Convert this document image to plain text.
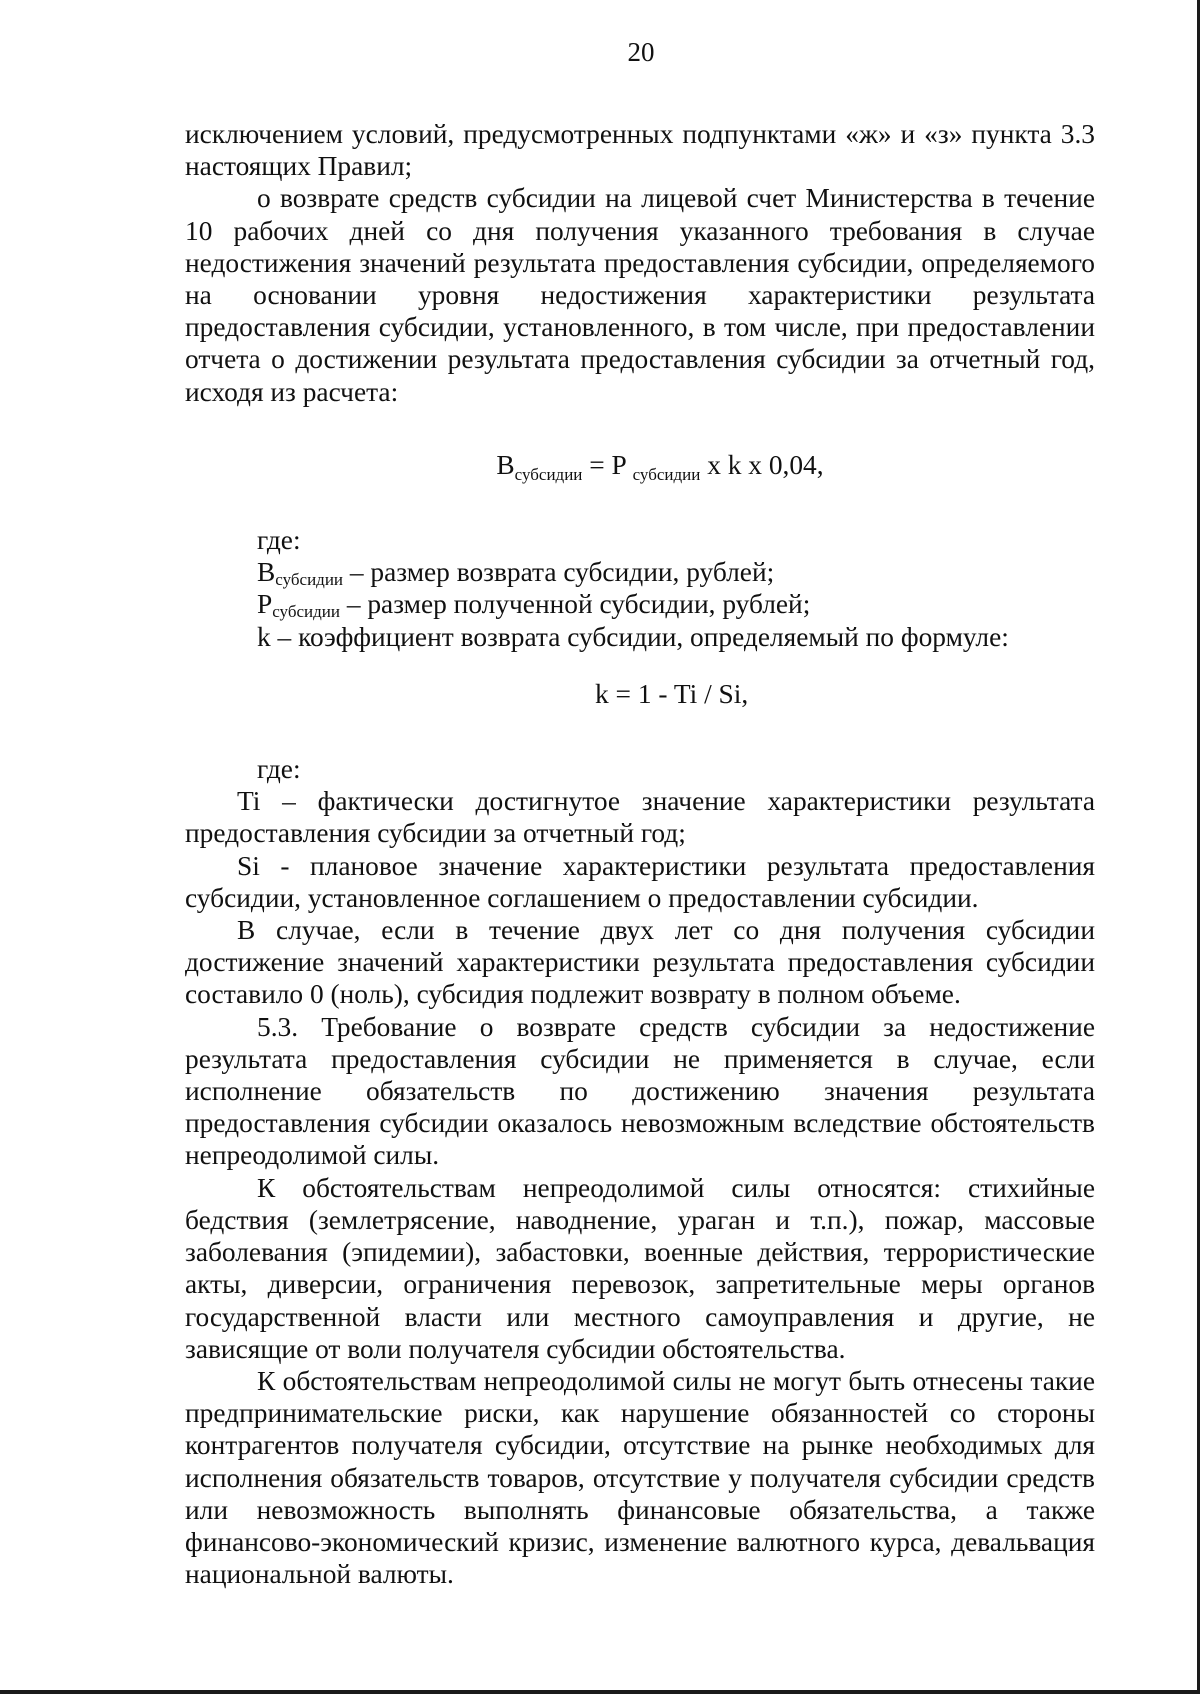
20

исключением условий, предусмотренных подпунктами «ж» и «з» пункта 3.3 настоящих Правил;

о возврате средств субсидии на лицевой счет Министерства в течение 10 рабочих дней со дня получения указанного требования в случае недостижения значений результата предоставления субсидии, определяемого на основании уровня недостижения характеристики результата предоставления субсидии, установленного, в том числе, при предоставлении отчета о достижении результата предоставления субсидии за отчетный год, исходя из расчета:

$B_{субсидии} = P$ $_{субсидии}$ x k x 0,04,

где:

$B_{субсидии}$ – размер возврата субсидии, рублей;

$P_{субсидии}$ – размер полученной субсидии, рублей;

k – коэффициент возврата субсидии, определяемый по формуле:

k = 1 - Ti / Si,

где:

Ti – фактически достигнутое значение характеристики результата предоставления субсидии за отчетный год;

Si - плановое значение характеристики результата предоставления субсидии, установленное соглашением о предоставлении субсидии.

В случае, если в течение двух лет со дня получения субсидии достижение значений характеристики результата предоставления субсидии составило 0 (ноль), субсидия подлежит возврату в полном объеме.

5.3. Требование о возврате средств субсидии за недостижение результата предоставления субсидии не применяется в случае, если исполнение обязательств по достижению значения результата предоставления субсидии оказалось невозможным вследствие обстоятельств непреодолимой силы.

К обстоятельствам непреодолимой силы относятся: стихийные бедствия (землетрясение, наводнение, ураган и т.п.), пожар, массовые заболевания (эпидемии), забастовки, военные действия, террористические акты, диверсии, ограничения перевозок, запретительные меры органов государственной власти или местного самоуправления и другие, не зависящие от воли получателя субсидии обстоятельства.

К обстоятельствам непреодолимой силы не могут быть отнесены такие предпринимательские риски, как нарушение обязанностей со стороны контрагентов получателя субсидии, отсутствие на рынке необходимых для исполнения обязательств товаров, отсутствие у получателя субсидии средств или невозможность выполнять финансовые обязательства, а также финансово-экономический кризис, изменение валютного курса, девальвация национальной валюты.
